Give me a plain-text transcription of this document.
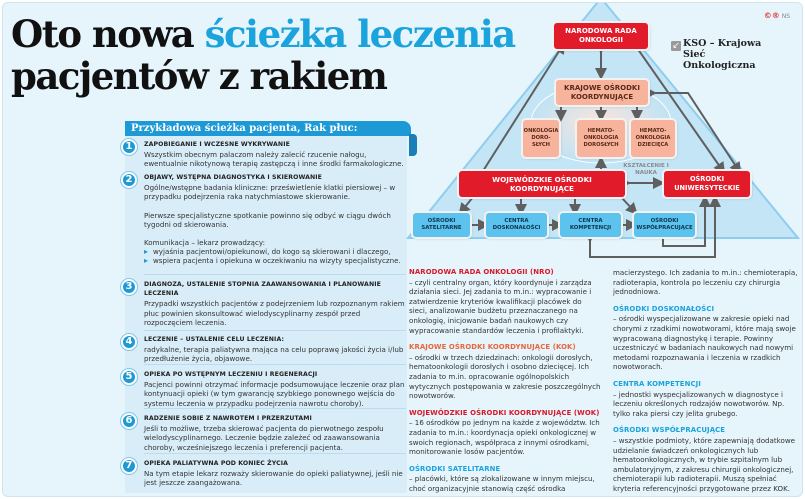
Oto nowa ścieżka leczenia
pacjentów z rakiem
©® NS
Przykładowa ścieżka pacjenta, Rak płuc:
1	ZAPOBIEGANIE I WCZESNE WYKRYWANIE

Wszystkim obecnym palaczom należy zalecić rzucenie nałogu, ewentualnie nikotynową terapię zastępczą i inne środki farmakologiczne.

2	OBJAWY, WSTĘPNA DIAGNOSTYKA I SKIEROWANIE

Ogólne/wstępne badania kliniczne: prześwietlenie klatki piersiowej – w przypadku podejrzenia raka natychmiastowe skierowanie.

Pierwsze specjalistyczne spotkanie powinno się odbyć w ciągu dwóch tygodni od skierowania.

Komunikacja – lekarz prowadzący:

▸ wyjaśnia pacjentowi/opiekunowi, do kogo są skierowani i dlaczego,

▸ wspiera pacjenta i opiekuna w oczekiwaniu na wizyty specjalistyczne.

3	DIAGNOZA, USTALENIE STOPNIA ZAAWANSOWANIA I PLANOWANIE LECZENIA

Przypadki wszystkich pacjentów z podejrzeniem lub rozpoznanym rakiem płuc powinien skonsultować wielodyscyplinarny zespół przed rozpoczęciem leczenia.

4	LECZENIE – USTALENIE CELU LECZENIA:

radykalne, terapia paliatywna mająca na celu poprawę jakości życia i/lub przedłużenie życia, objawowe.

5	OPIEKA PO WSTĘPNYM LECZENIU I REGENERACJI

Pacjenci powinni otrzymać informacje podsumowujące leczenie oraz plan kontynuacji opieki (w tym gwarancję szybkiego ponownego wejścia do systemu leczenia w przypadku podejrzenia nawrotu choroby).

6	RADZENIE SOBIE Z NAWROTEM I PRZERZUTAMI

Jeśli to możliwe, trzeba skierować pacjenta do pierwotnego zespołu wielodyscyplinarnego. Leczenie będzie zależeć od zaawansowania choroby, wcześniejszego leczenia i preferencji pacjenta.

7	OPIEKA PALIATYWNA POD KONIEC ŻYCIA

Na tym etapie lekarz rozważy skierowanie do opieki paliatywnej, jeśli nie jest jeszcze zaangażowana.

NARODOWA RADA ONKOLOGII
KRAJOWE OŚRODKI KOORDYNUJĄCE
ONKOLOGIA DORO- SŁYCH
HEMATO- ONKOLOGIA DOROSŁYCH
HEMATO- ONKOLOGIA DZIECIĘCA
KSZTAŁCENIE I NAUKA
WOJEWÓDZKIE OŚRODKI KOORDYNUJĄCE
OŚRODKI UNIWERSYTECKIE
OŚRODKI SATELITARNE
CENTRA DOSKONAŁOŚCI
CENTRA KOMPETENCJI
OŚRODKI WSPÓŁPRACUJĄCE
↙ KSO – Krajowa Sieć Onkologiczna
NARODOWA RADA ONKOLOGII (NRO)
– czyli centralny organ, który koordynuje i zarządza działania sieci. Jej zadania to m.in.: wypracowanie i zatwierdzenie kryteriów kwalifikacji placówek do sieci, analizowanie budżetu przeznaczanego na onkologię, inicjowanie badań naukowych czy wypracowanie standardów leczenia i profilaktyki.
KRAJOWE OŚRODKI KOORDYNUJĄCE (KOK)
– ośrodki w trzech dziedzinach: onkologii dorosłych, hematoonkologii dorosłych i osobno dziecięcej. Ich zadania to m.in. opracowanie ogólnopolskich wytycznych postępowania w zakresie poszczególnych nowotworów.
WOJEWÓDZKIE OŚRODKI KOORDYNUJĄCE (WOK)
– 16 ośrodków po jednym na każde z województw. Ich zadania to m.in.: koordynacja opieki onkologicznej w swoich regionach, współpraca z innymi ośrodkami, monitorowanie losów pacjentów.
OŚRODKI SATELITARNE
– placówki, które są zlokalizowane w innym miejscu, choć organizacyjnie stanowią część ośrodka
macierzystego. Ich zadania to m.in.: chemioterapia, radioterapia, kontrola po leczeniu czy chirurgia jednodniowa.
OŚRODKI DOSKONAŁOŚCI
– ośrodki wyspecjalizowane w zakresie opieki nad chorymi z rzadkimi nowotworami, które mają swoje wypracowaną diagnostykę i terapie. Powinny uczestniczyć w badaniach naukowych nad nowymi metodami rozpoznawania i leczenia w rzadkich nowotworach.
CENTRA KOMPETENCJI
– jednostki wyspecjalizowanych w diagnostyce i leczeniu określonych rodzajów nowotworów. Np. tylko raka piersi czy jelita grubego.
OŚRODKI WSPÓŁPRACUJĄCE
– wszystkie podmioty, które zapewniają dodatkowe udzielanie świadczeń onkologicznych lub hematoonkologicznych, w trybie szpitalnym lub ambulatoryjnym, z zakresu chirurgii onkologicznej, chemioterapii lub radioterapii. Muszą spełniać kryteria referencyjności przygotowane przez KOK.
